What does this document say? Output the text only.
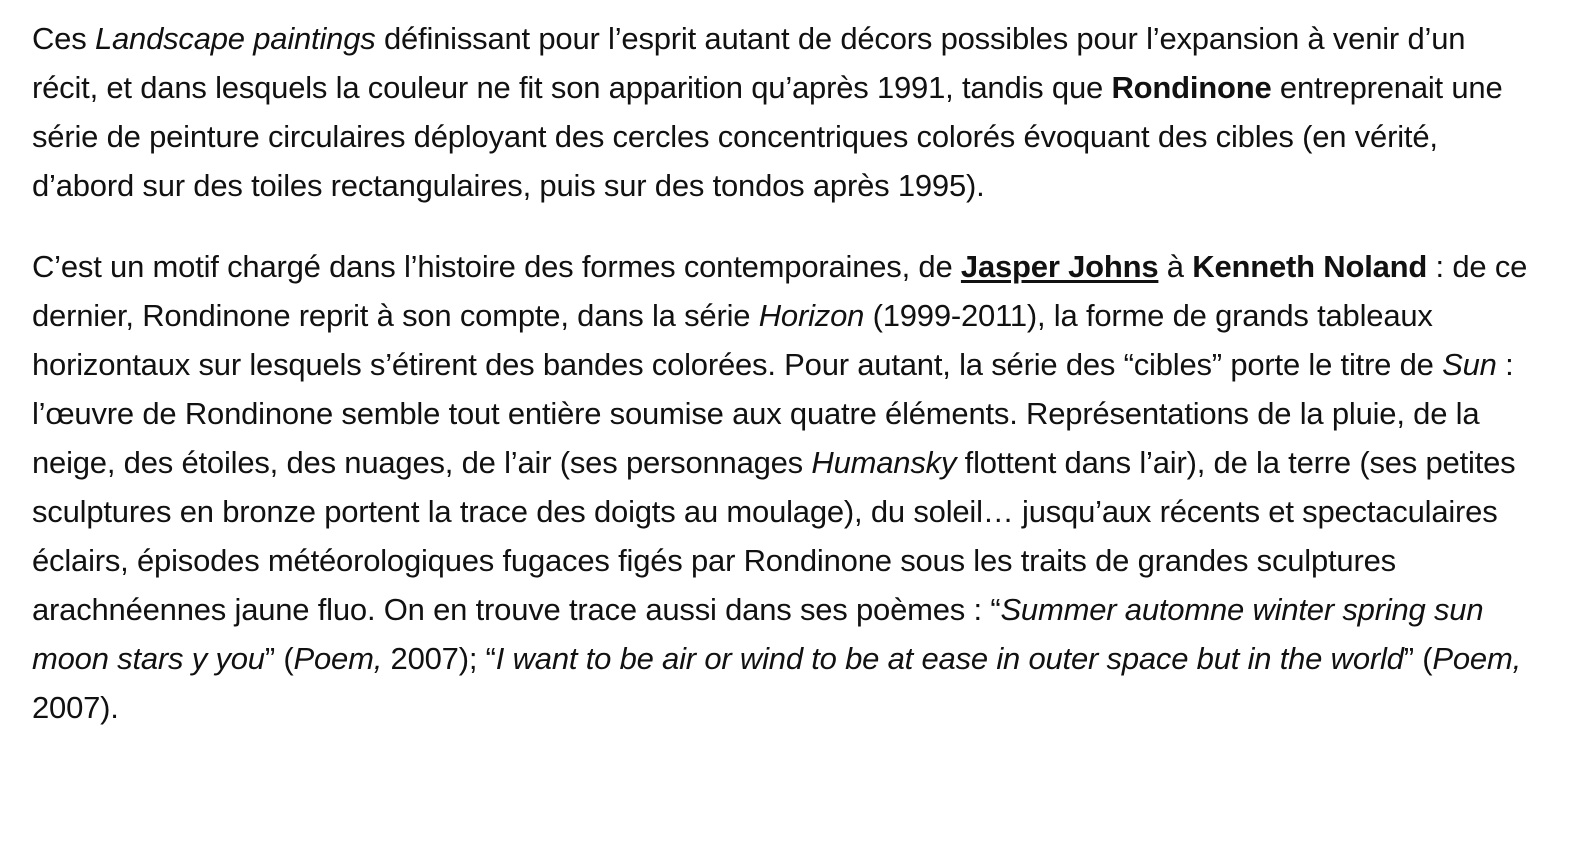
Ces Landscape paintings définissant pour l’esprit autant de décors possibles pour l’expansion à venir d’un récit, et dans lesquels la couleur ne fit son apparition qu’après 1991, tandis que Rondinone entreprenait une série de peinture circulaires déployant des cercles concentriques colorés évoquant des cibles (en vérité, d’abord sur des toiles rectangulaires, puis sur des tondos après 1995).

C’est un motif chargé dans l’histoire des formes contemporaines, de Jasper Johns à Kenneth Noland : de ce dernier, Rondinone reprit à son compte, dans la série Horizon (1999-2011), la forme de grands tableaux horizontaux sur lesquels s’étirent des bandes colorées. Pour autant, la série des “cibles” porte le titre de Sun : l’œuvre de Rondinone semble tout entière soumise aux quatre éléments. Représentations de la pluie, de la neige, des étoiles, des nuages, de l’air (ses personnages Humansky flottent dans l’air), de la terre (ses petites sculptures en bronze portent la trace des doigts au moulage), du soleil… jusqu’aux récents et spectaculaires éclairs, épisodes météorologiques fugaces figés par Rondinone sous les traits de grandes sculptures arachnéennes jaune fluo. On en trouve trace aussi dans ses poèmes : “Summer automne winter spring sun moon stars y you” (Poem, 2007); “I want to be air or wind to be at ease in outer space but in the world” (Poem, 2007).
